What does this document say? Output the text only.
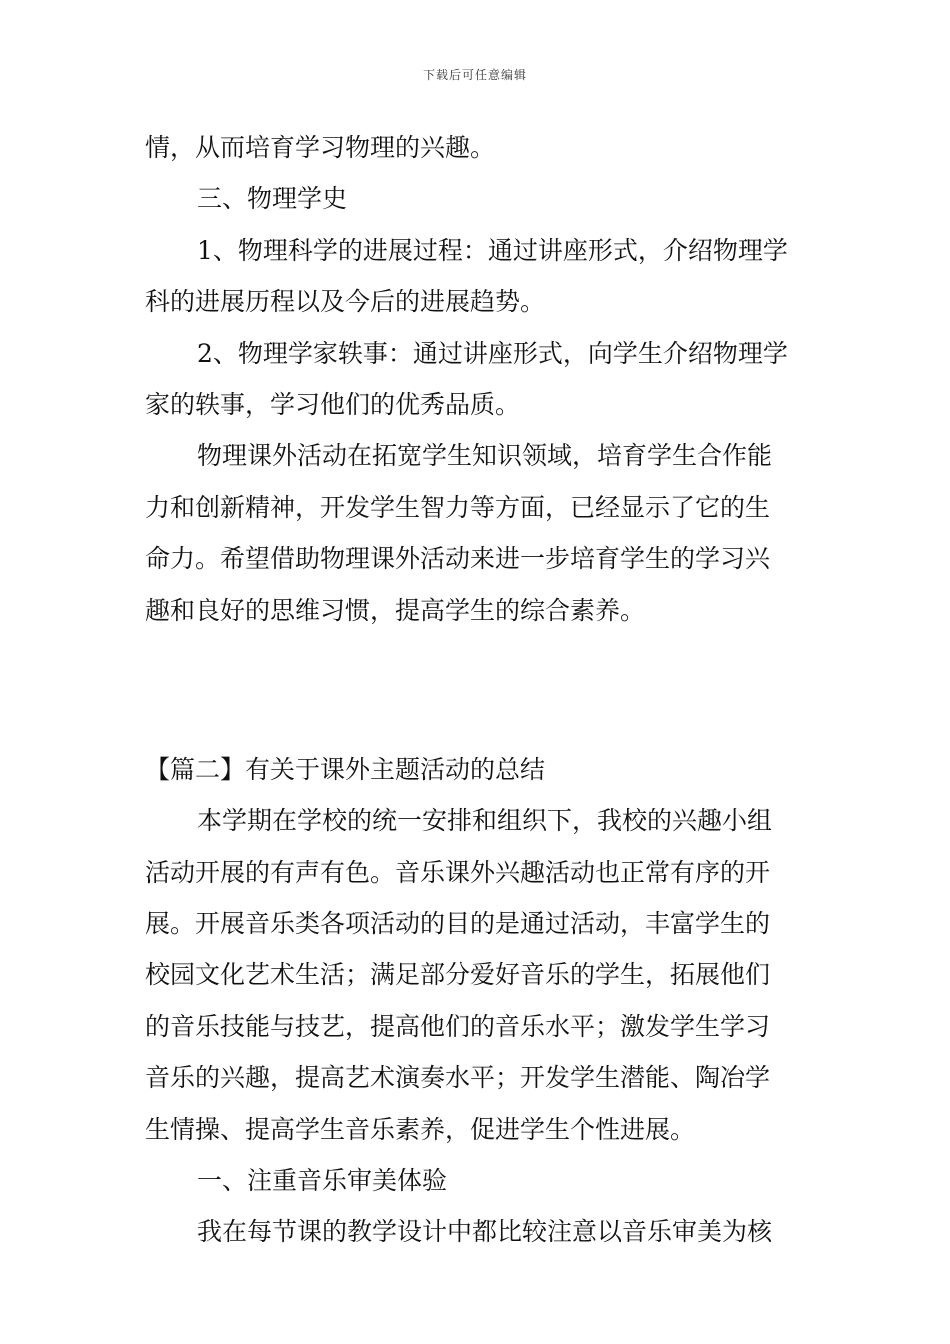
下载后可任意编辑
情，从而培育学习物理的兴趣。
三、物理学史
1、物理科学的进展过程：通过讲座形式，介绍物理学
科的进展历程以及今后的进展趋势。
2、物理学家轶事：通过讲座形式，向学生介绍物理学
家的轶事，学习他们的优秀品质。
物理课外活动在拓宽学生知识领域，培育学生合作能
力和创新精神，开发学生智力等方面，已经显示了它的生
命力。希望借助物理课外活动来进一步培育学生的学习兴
趣和良好的思维习惯，提高学生的综合素养。
【篇二】有关于课外主题活动的总结
本学期在学校的统一安排和组织下，我校的兴趣小组
活动开展的有声有色。音乐课外兴趣活动也正常有序的开
展。开展音乐类各项活动的目的是通过活动，丰富学生的
校园文化艺术生活；满足部分爱好音乐的学生，拓展他们
的音乐技能与技艺，提高他们的音乐水平；激发学生学习
音乐的兴趣，提高艺术演奏水平；开发学生潜能、陶冶学
生情操、提高学生音乐素养，促进学生个性进展。
一、注重音乐审美体验
我在每节课的教学设计中都比较注意以音乐审美为核
